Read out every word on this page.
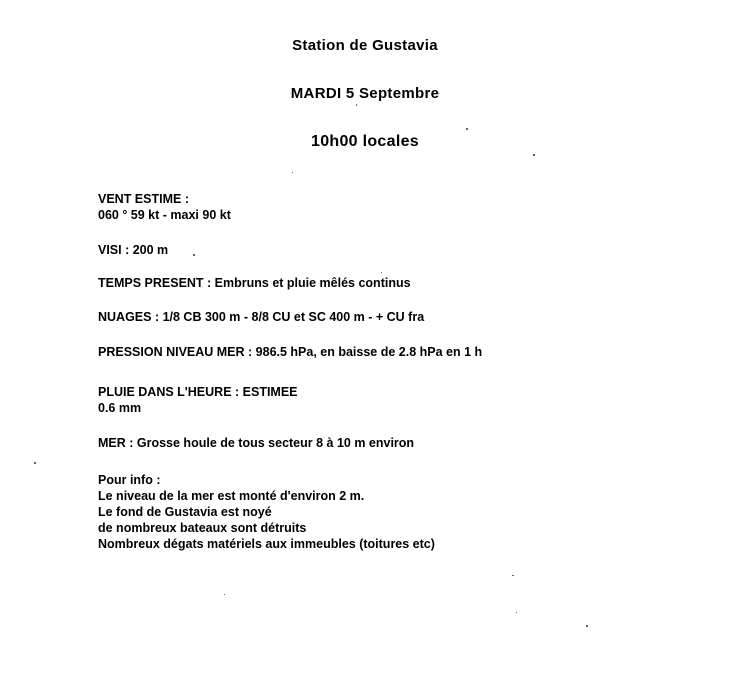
Station de Gustavia
MARDI 5 Septembre
10h00 locales
VENT ESTIME :
060 ° 59 kt - maxi 90 kt
VISI : 200 m
TEMPS PRESENT : Embruns et pluie mêlés continus
NUAGES : 1/8 CB 300 m - 8/8 CU et SC 400 m - + CU fra
PRESSION NIVEAU MER : 986.5 hPa, en baisse de 2.8 hPa en 1 h
PLUIE DANS L'HEURE : ESTIMEE
0.6 mm
MER : Grosse houle de tous secteur 8 à 10 m environ
Pour info :
Le niveau de la mer est monté d'environ 2 m.
Le fond de Gustavia est noyé
de nombreux bateaux sont détruits
Nombreux dégats matériels aux immeubles (toitures etc)
